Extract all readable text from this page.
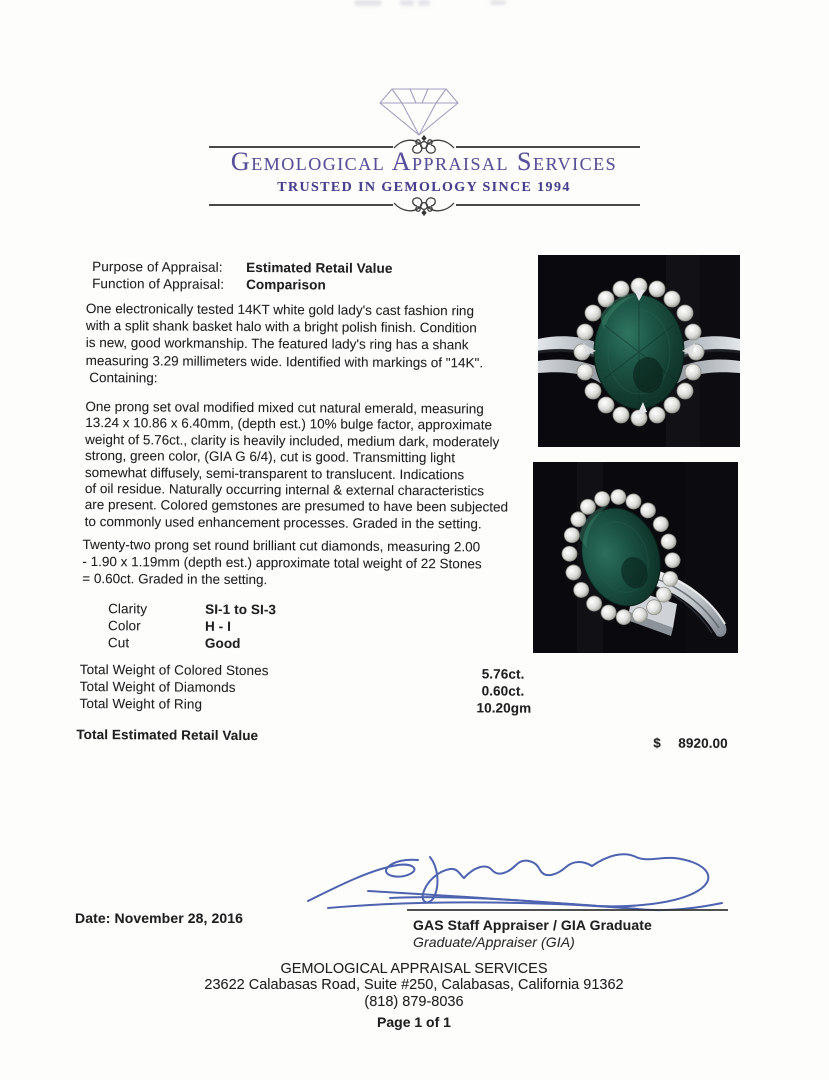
Gemological Appraisal Services
TRUSTED IN GEMOLOGY SINCE 1994
Purpose of Appraisal: Estimated Retail Value
Function of Appraisal: Comparison
One electronically tested 14KT white gold lady's cast fashion ring
with a split shank basket halo with a bright polish finish. Condition
is new, good workmanship. The featured lady's ring has a shank
measuring 3.29 millimeters wide. Identified with markings of "14K".
Containing:
One prong set oval modified mixed cut natural emerald, measuring
13.24 x 10.86 x 6.40mm, (depth est.) 10% bulge factor, approximate
weight of 5.76ct., clarity is heavily included, medium dark, moderately
strong, green color, (GIA G 6/4), cut is good. Transmitting light
somewhat diffusely, semi-transparent to translucent. Indications
of oil residue. Naturally occurring internal & external characteristics
are present. Colored gemstones are presumed to have been subjected
to commonly used enhancement processes. Graded in the setting.
Twenty-two prong set round brilliant cut diamonds, measuring 2.00
- 1.90 x 1.19mm (depth est.) approximate total weight of 22 Stones
= 0.60ct. Graded in the setting.
Clarity	SI-1 to SI-3
Color	H - I
Cut	Good
Total Weight of Colored Stones	5.76ct.
Total Weight of Diamonds	0.60ct.
Total Weight of Ring	10.20gm
Total Estimated Retail Value	$ 8920.00
GAS Staff Appraiser / GIA Graduate
Graduate/Appraiser (GIA)
Date: November 28, 2016
GEMOLOGICAL APPRAISAL SERVICES
23622 Calabasas Road, Suite #250, Calabasas, California 91362
(818) 879-8036
Page 1 of 1
